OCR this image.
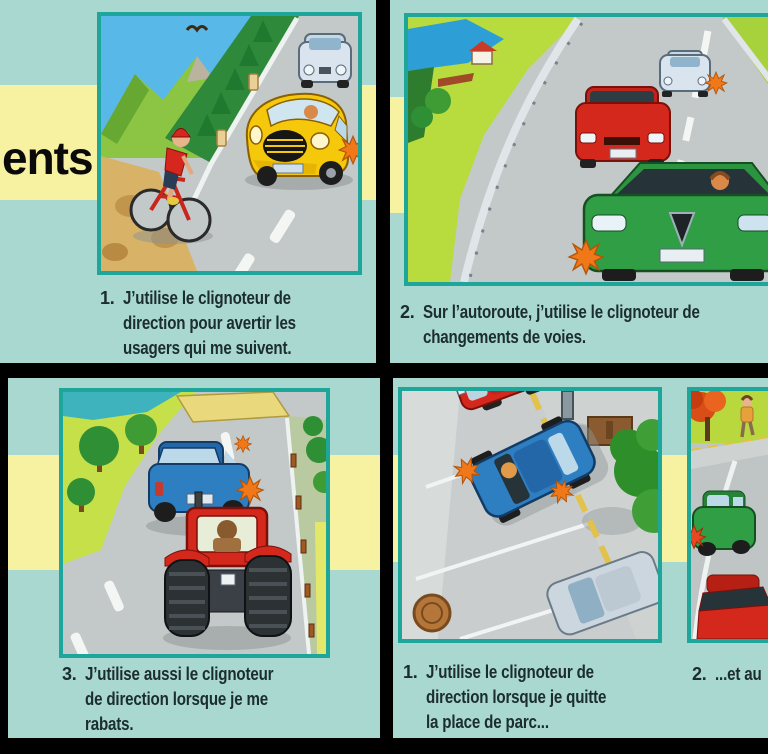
ents
1. J’utilise le clignoteur de
direction pour avertir les
usagers qui me suivent.
2. Sur l’autoroute, j’utilise le clignoteur de
changements de voies.
3. J’utilise aussi le clignoteur
de direction lorsque je me
rabats.
1. J’utilise le clignoteur de
direction lorsque je quitte
la place de parc...
2. ...et au
